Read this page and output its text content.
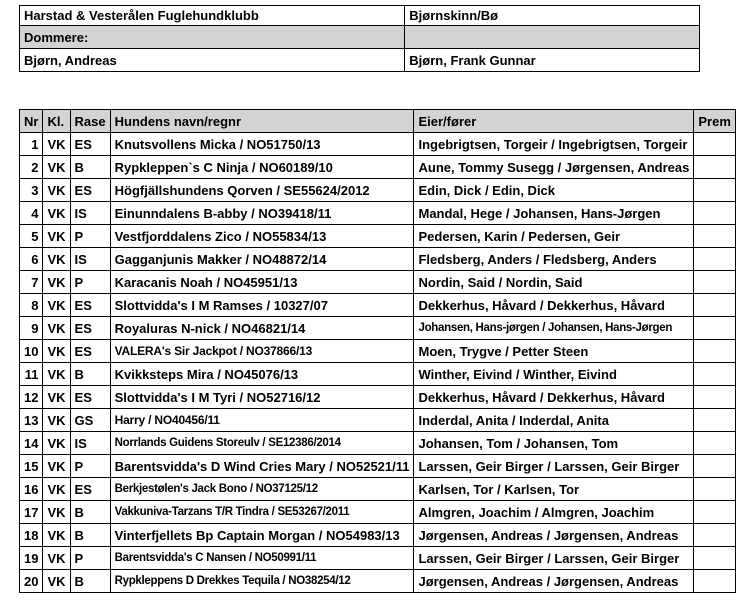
Harstad & Vesterålen Fuglehundklubb	Bjørnskinn/Bø
Dommere:	
Bjørn, Andreas	Bjørn, Frank Gunnar
Nr	Kl.	Rase	Hundens navn/regnr	Eier/fører	Prem
1	VK	ES	Knutsvollens Micka / NO51750/13	Ingebrigtsen, Torgeir / Ingebrigtsen, Torgeir	
2	VK	B	Rypkleppen`s C Ninja / NO60189/10	Aune, Tommy Susegg / Jørgensen, Andreas	
3	VK	ES	Högfjällshundens Qorven / SE55624/2012	Edin, Dick / Edin, Dick	
4	VK	IS	Einunndalens B-abby / NO39418/11	Mandal, Hege / Johansen, Hans-Jørgen	
5	VK	P	Vestfjorddalens Zico / NO55834/13	Pedersen, Karin / Pedersen, Geir	
6	VK	IS	Gagganjunis Makker / NO48872/14	Fledsberg, Anders / Fledsberg, Anders	
7	VK	P	Karacanis Noah / NO45951/13	Nordin, Said / Nordin, Said	
8	VK	ES	Slottvidda's I M Ramses / 10327/07	Dekkerhus, Håvard / Dekkerhus, Håvard	
9	VK	ES	Royaluras N-nick / NO46821/14	Johansen, Hans-jørgen / Johansen, Hans-Jørgen	
10	VK	ES	VALERA's Sir Jackpot / NO37866/13	Moen, Trygve / Petter Steen	
11	VK	B	Kvikksteps Mira / NO45076/13	Winther, Eivind / Winther, Eivind	
12	VK	ES	Slottvidda's I M Tyri / NO52716/12	Dekkerhus, Håvard / Dekkerhus, Håvard	
13	VK	GS	Harry / NO40456/11	Inderdal, Anita / Inderdal, Anita	
14	VK	IS	Norrlands Guidens Storeulv / SE12386/2014	Johansen, Tom / Johansen, Tom	
15	VK	P	Barentsvidda's D Wind Cries Mary / NO52521/11	Larssen, Geir Birger / Larssen, Geir Birger	
16	VK	ES	Berkjestølen's Jack Bono / NO37125/12	Karlsen, Tor / Karlsen, Tor	
17	VK	B	Vakkuniva-Tarzans T/R Tindra / SE53267/2011	Almgren, Joachim / Almgren, Joachim	
18	VK	B	Vinterfjellets Bp Captain Morgan / NO54983/13	Jørgensen, Andreas / Jørgensen, Andreas	
19	VK	P	Barentsvidda's C Nansen / NO50991/11	Larssen, Geir Birger / Larssen, Geir Birger	
20	VK	B	Rypkleppens D Drekkes Tequila / NO38254/12	Jørgensen, Andreas / Jørgensen, Andreas	
